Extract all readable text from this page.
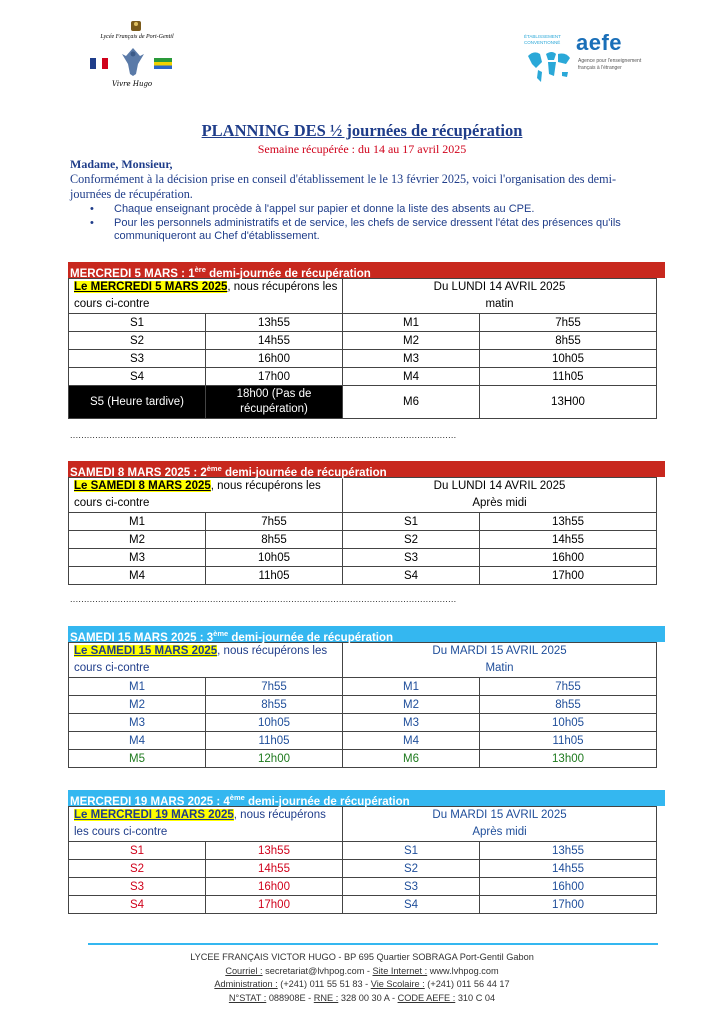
Lycée Français de Port-Gentil
Vivre Hugo
ÉTABLISSEMENT CONVENTIONNÉ aefe
Agence pour l'enseignement français à l'étranger
PLANNING DES ½ journées de récupération
Semaine récupérée : du 14 au 17 avril 2025
Madame, Monsieur,
Conformément à la décision prise en conseil d'établissement le le 13 février 2025, voici l'organisation des demi-journées de récupération.
• Chaque enseignant procède à l'appel sur papier et donne la liste des absents au CPE.
• Pour les personnels administratifs et de service, les chefs de service dressent l'état des présences qu'ils communiqueront au Chef d'établissement.
MERCREDI 5 MARS : 1ère demi-journée de récupération
Le MERCREDI 5 MARS 2025, nous récupérons les cours ci-contre		Du LUNDI 14 AVRIL 2025
matin	
S1	13h55	M1	7h55
S2	14h55	M2	8h55
S3	16h00	M3	10h05
S4	17h00	M4	11h05
S5 (Heure tardive)	18h00 (Pas de récupération)	M6	13H00
..........................................................................................................................................
SAMEDI 8 MARS 2025 : 2ème demi-journée de récupération
Le SAMEDI 8 MARS 2025, nous récupérons les cours ci-contre		Du LUNDI 14 AVRIL 2025
Après midi	
M1	7h55	S1	13h55
M2	8h55	S2	14h55
M3	10h05	S3	16h00
M4	11h05	S4	17h00
..........................................................................................................................................
SAMEDI 15 MARS 2025 : 3ème demi-journée de récupération
Le SAMEDI 15 MARS 2025, nous récupérons les cours ci-contre		Du MARDI 15 AVRIL 2025
Matin	
M1	7h55	M1	7h55
M2	8h55	M2	8h55
M3	10h05	M3	10h05
M4	11h05	M4	11h05
M5	12h00	M6	13h00
MERCREDI 19 MARS 2025 : 4ème demi-journée de récupération
Le MERCREDI 19 MARS 2025, nous récupérons les cours ci-contre		Du MARDI 15 AVRIL 2025
Après midi	
S1	13h55	S1	13h55
S2	14h55	S2	14h55
S3	16h00	S3	16h00
S4	17h00	S4	17h00
LYCEE FRANÇAIS VICTOR HUGO - BP 695 Quartier SOBRAGA Port-Gentil Gabon
Courriel : secretariat@lvhpog.com - Site Internet : www.lvhpog.com
Administration : (+241) 011 55 51 83 - Vie Scolaire : (+241) 011 56 44 17
N°STAT : 088908E - RNE : 328 00 30 A - CODE AEFE : 310 C 04
